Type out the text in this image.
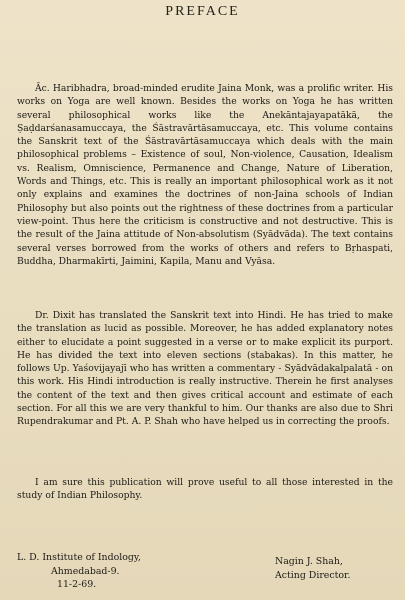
PREFACE

Āc. Haribhadra, broad-minded erudite Jaina Monk, was a prolific writer. His works on Yoga are well known. Besides the works on Yoga he has written several philosophical works like the Anekāntajayapatākā, the Ṣaḍdarśanasamuccaya, the Śāstravārtāsamuccaya, etc. This volume contains the Sanskrit text of the Śāstravārtāsamuccaya which deals with the main philosophical problems – Existence of soul, Non-violence, Causation, Idealism vs. Realism, Omniscience, Permanence and Change, Nature of Liberation, Words and Things, etc. This is really an important philosophical work as it not only explains and examines the doctrines of non-Jaina schools of Indian Philosophy but also points out the rightness of these doctrines from a particular view-point. Thus here the criticism is constructive and not destructive. This is the result of the Jaina attitude of Non-absolutism (Syādvāda). The text contains several verses borrowed from the works of others and refers to Bṛhaspati, Buddha, Dharmakīrti, Jaimini, Kapila, Manu and Vyāsa.

Dr. Dixit has translated the Sanskrit text into Hindi. He has tried to make the translation as lucid as possible. Moreover, he has added explanatory notes either to elucidate a point suggested in a verse or to make explicit its purport. He has divided the text into eleven sections (stabakas). In this matter, he follows Up. Yaśovijayajī who has written a commentary - Syādvādakalpalatā - on this work. His Hindi introduction is really instructive. Therein he first analyses the content of the text and then gives critical account and estimate of each section. For all this we are very thankful to him. Our thanks are also due to Shri Rupendrakumar and Pt. A. P. Shah who have helped us in correcting the proofs.

I am sure this publication will prove useful to all those interested in the study of Indian Philosophy.

L. D. Institute of Indology,
Ahmedabad-9.
11-2-69.
Nagin J. Shah,
Acting Director.
